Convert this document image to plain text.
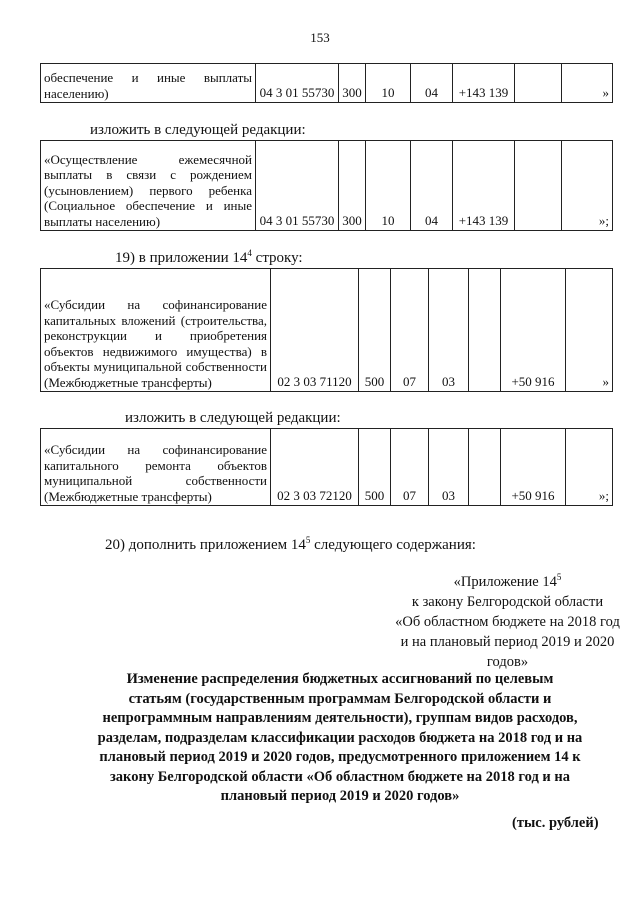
153
обеспечение и иные выплаты населению)	04 3 01 55730	300	10	04	+143 139		»
изложить в следующей редакции:
«Осуществление ежемесячной выплаты в связи с рождением (усыновлением) первого ребенка (Социальное обеспечение и иные выплаты населению)	04 3 01 55730	300	10	04	+143 139		»;
19) в приложении $14^4$ строку:
«Субсидии на софинансирование капитальных вложений (строительства, реконструкции и приобретения объектов недвижимого имущества) в объекты муниципальной собственности (Межбюджетные трансферты)	02 3 03 71120	500	07	03		+50 916	»
изложить в следующей редакции:
«Субсидии на софинансирование капитального ремонта объектов муниципальной собственности (Межбюджетные трансферты)	02 3 03 72120	500	07	03		+50 916	»;
20) дополнить приложением $14^5$ следующего содержания:
«Приложение $14^5$
к закону Белгородской области
«Об областном бюджете на 2018 год
и на плановый период 2019 и 2020
годов»
Изменение распределения бюджетных ассигнований по целевым
статьям (государственным программам Белгородской области и
непрограммным направлениям деятельности), группам видов расходов,
разделам, подразделам классификации расходов бюджета на 2018 год и на
плановый период 2019 и 2020 годов, предусмотренного приложением 14 к
закону Белгородской области «Об областном бюджете на 2018 год и на
плановый период 2019 и 2020 годов»
(тыс. рублей)
